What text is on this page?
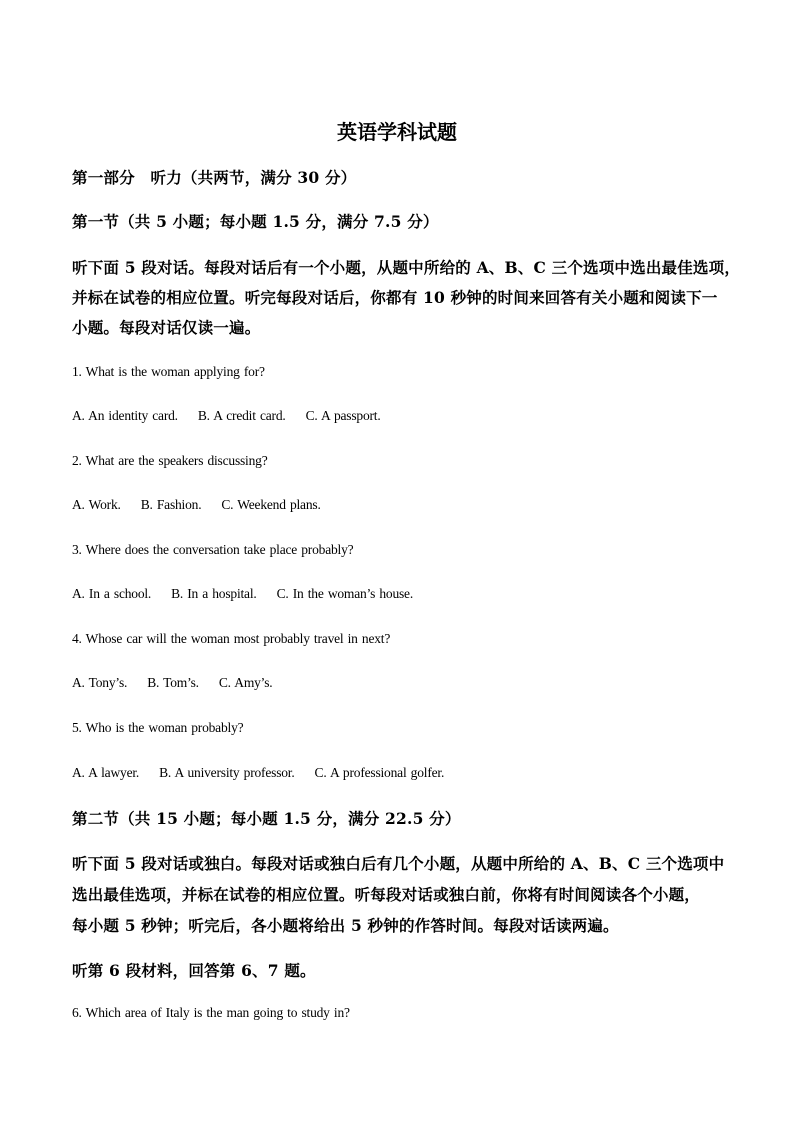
英语学科试题
第一部分　听力（共两节，满分 30 分）
第一节（共 5 小题；每小题 1.5 分，满分 7.5 分）
听下面 5 段对话。每段对话后有一个小题，从题中所给的 A、B、C 三个选项中选出最佳选项，
并标在试卷的相应位置。听完每段对话后，你都有 10 秒钟的时间来回答有关小题和阅读下一
小题。每段对话仅读一遍。
1. What is the woman applying for?
A. An identity card. B. A credit card. C. A passport.
2. What are the speakers discussing?
A. Work. B. Fashion. C. Weekend plans.
3. Where does the conversation take place probably?
A. In a school. B. In a hospital. C. In the woman’s house.
4. Whose car will the woman most probably travel in next?
A. Tony’s. B. Tom’s. C. Amy’s.
5. Who is the woman probably?
A. A lawyer. B. A university professor. C. A professional golfer.
第二节（共 15 小题；每小题 1.5 分，满分 22.5 分）
听下面 5 段对话或独白。每段对话或独白后有几个小题，从题中所给的 A、B、C 三个选项中
选出最佳选项，并标在试卷的相应位置。听每段对话或独白前，你将有时间阅读各个小题，
每小题 5 秒钟；听完后，各小题将给出 5 秒钟的作答时间。每段对话读两遍。
听第 6 段材料，回答第 6、7 题。
6. Which area of Italy is the man going to study in?
